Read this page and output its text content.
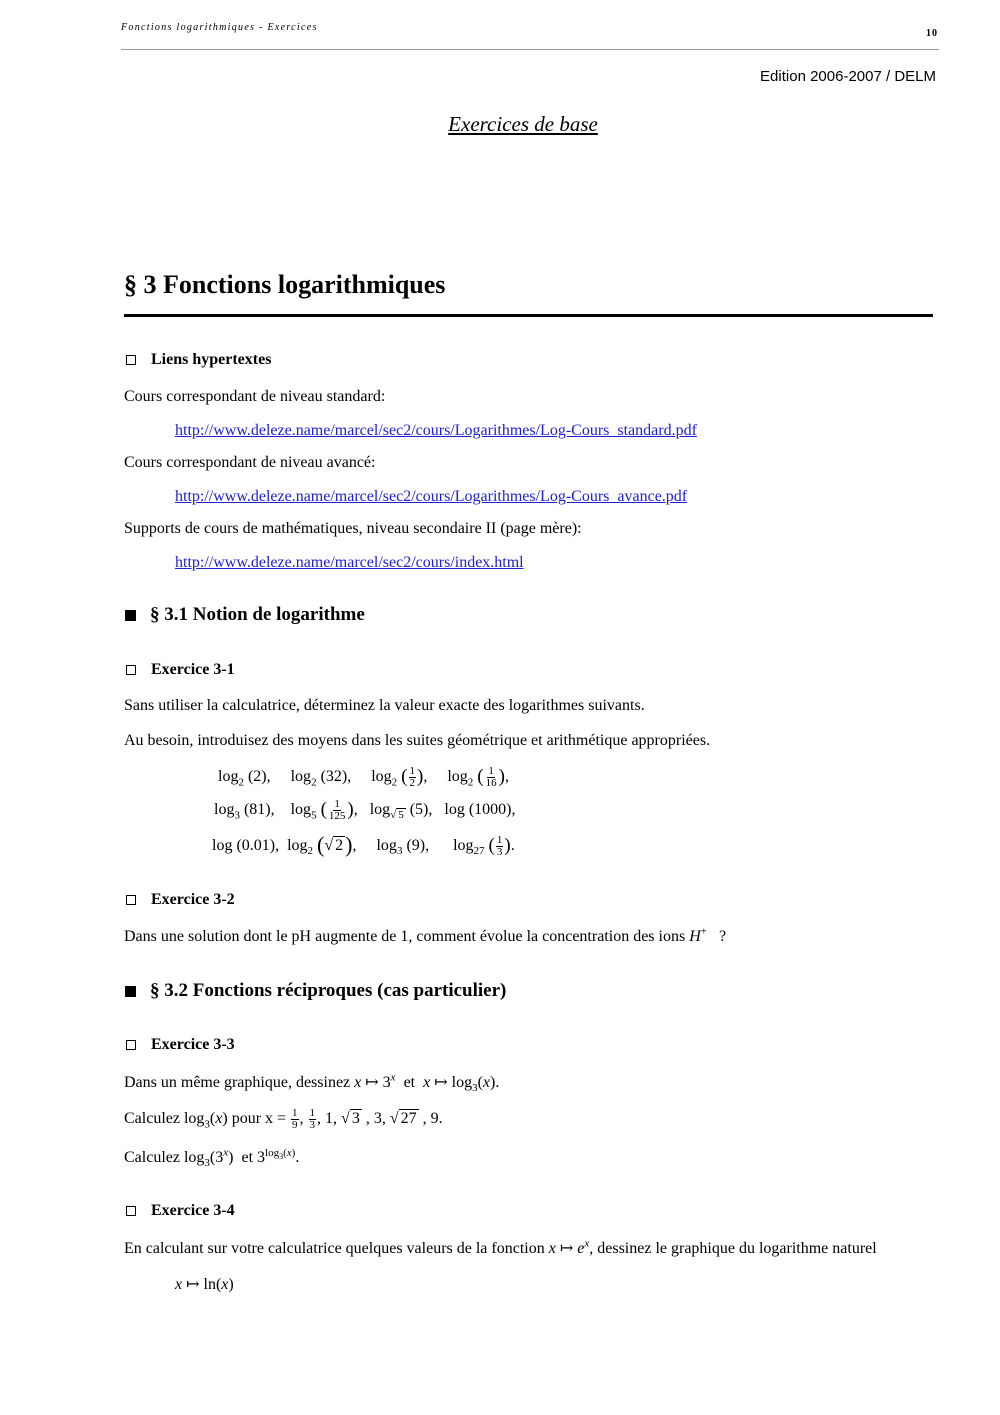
Fonctions logarithmiques - Exercices
10
Edition 2006-2007 / DELM
Exercices de base
§ 3 Fonctions logarithmiques
Liens hypertextes
Cours correspondant de niveau standard:
http://www.deleze.name/marcel/sec2/cours/Logarithmes/Log-Cours_standard.pdf
Cours correspondant de niveau avancé:
http://www.deleze.name/marcel/sec2/cours/Logarithmes/Log-Cours_avance.pdf
Supports de cours de mathématiques, niveau secondaire II (page mère):
http://www.deleze.name/marcel/sec2/cours/index.html
§ 3.1 Notion de logarithme
Exercice 3-1
Sans utiliser la calculatrice, déterminez la valeur exacte des logarithmes suivants.
Au besoin, introduisez des moyens dans les suites géométrique et arithmétique appropriées.
$\log_2 (2)$,     $\log_2 (32)$,     $\log_2$ ( $\frac{1}{2}$ ),     $\log_2$ ( $\frac{1}{16}$ ),
$\log_3 (81)$,    $\log_5$ ( $\frac{1}{125}$ ),   $\log_{√ 5} (5)$,   log (1000),
log (0.01),  $\log_2$ (√ 2),     $\log_3 (9)$,      $\log_{27}$ ( $\frac{1}{3}$ ).
Exercice 3-2
Dans une solution dont le pH augmente de 1, comment évolue la concentration des ions H+ ?
§ 3.2 Fonctions réciproques (cas particulier)
Exercice 3-3
Dans un même graphique, dessinez x ↦ 3$^x$ et x ↦ $\log_3(x)$.
Calculez $\log_3(x)$ pour $x = \frac{1}{9}$ , $\frac{1}{3}$ , 1, √ 3 , 3, √ 27 , 9.
Calculez $\log_3(3^x)$  et $3^{log_3(x)}$.
Exercice 3-4
En calculant sur votre calculatrice quelques valeurs de la fonction x ↦ $e^x$, dessinez le graphique du logarithme naturel
x ↦ ln(x)
